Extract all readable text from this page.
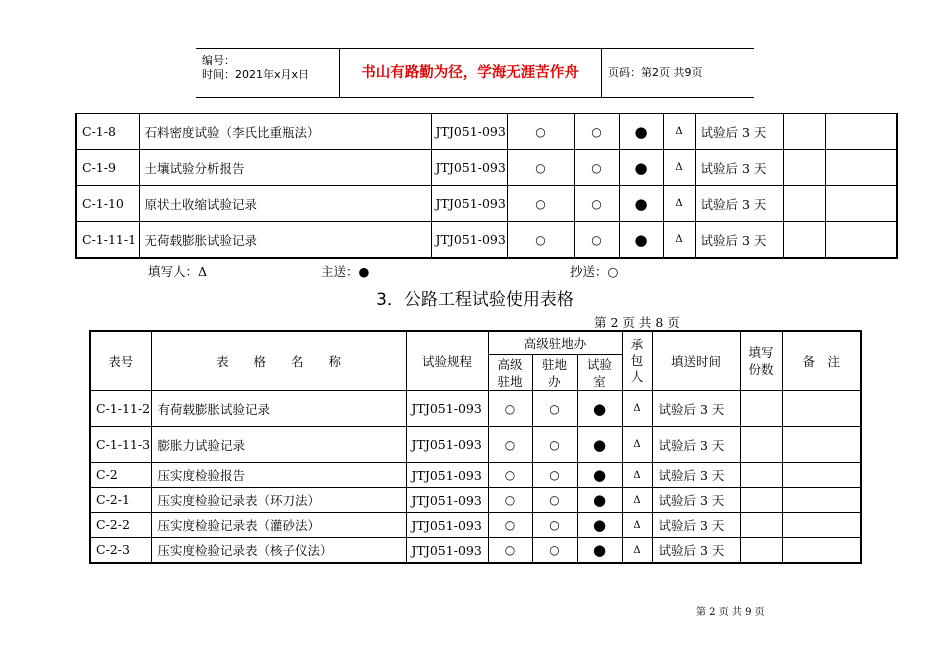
编号：
时间：2021年x月x日	书山有路勤为径，学海无涯苦作舟	页码：第2页 共9页
C-1-8	石料密度试验（李氏比重瓶法）	JTJ051-093	○	○	●	Δ	试验后 3 天		
C-1-9	土壤试验分析报告	JTJ051-093	○	○	●	Δ	试验后 3 天		
C-1-10	原状土收缩试验记录	JTJ051-093	○	○	●	Δ	试验后 3 天		
C-1-11-1	无荷载膨胀试验记录	JTJ051-093	○	○	●	Δ	试验后 3 天		
填写人：Δ	主送：●	抄送：○
3．公路工程试验使用表格
第 2 页 共 8 页
表号	表　　格　　名　　称	试验规程	高级驻地办			承包人	填送时间	填写份数	备　注

			高级驻地	驻地办	试验室				

C-1-11-2	有荷载膨胀试验记录	JTJ051-093	○	○	●	Δ	试验后 3 天		
C-1-11-3	膨胀力试验记录	JTJ051-093	○	○	●	Δ	试验后 3 天		
C-2	压实度检验报告	JTJ051-093	○	○	●	Δ	试验后 3 天		
C-2-1	压实度检验记录表（环刀法）	JTJ051-093	○	○	●	Δ	试验后 3 天		
C-2-2	压实度检验记录表（灌砂法）	JTJ051-093	○	○	●	Δ	试验后 3 天		
C-2-3	压实度检验记录表（核子仪法）	JTJ051-093	○	○	●	Δ	试验后 3 天		
第 2 页 共 9 页
